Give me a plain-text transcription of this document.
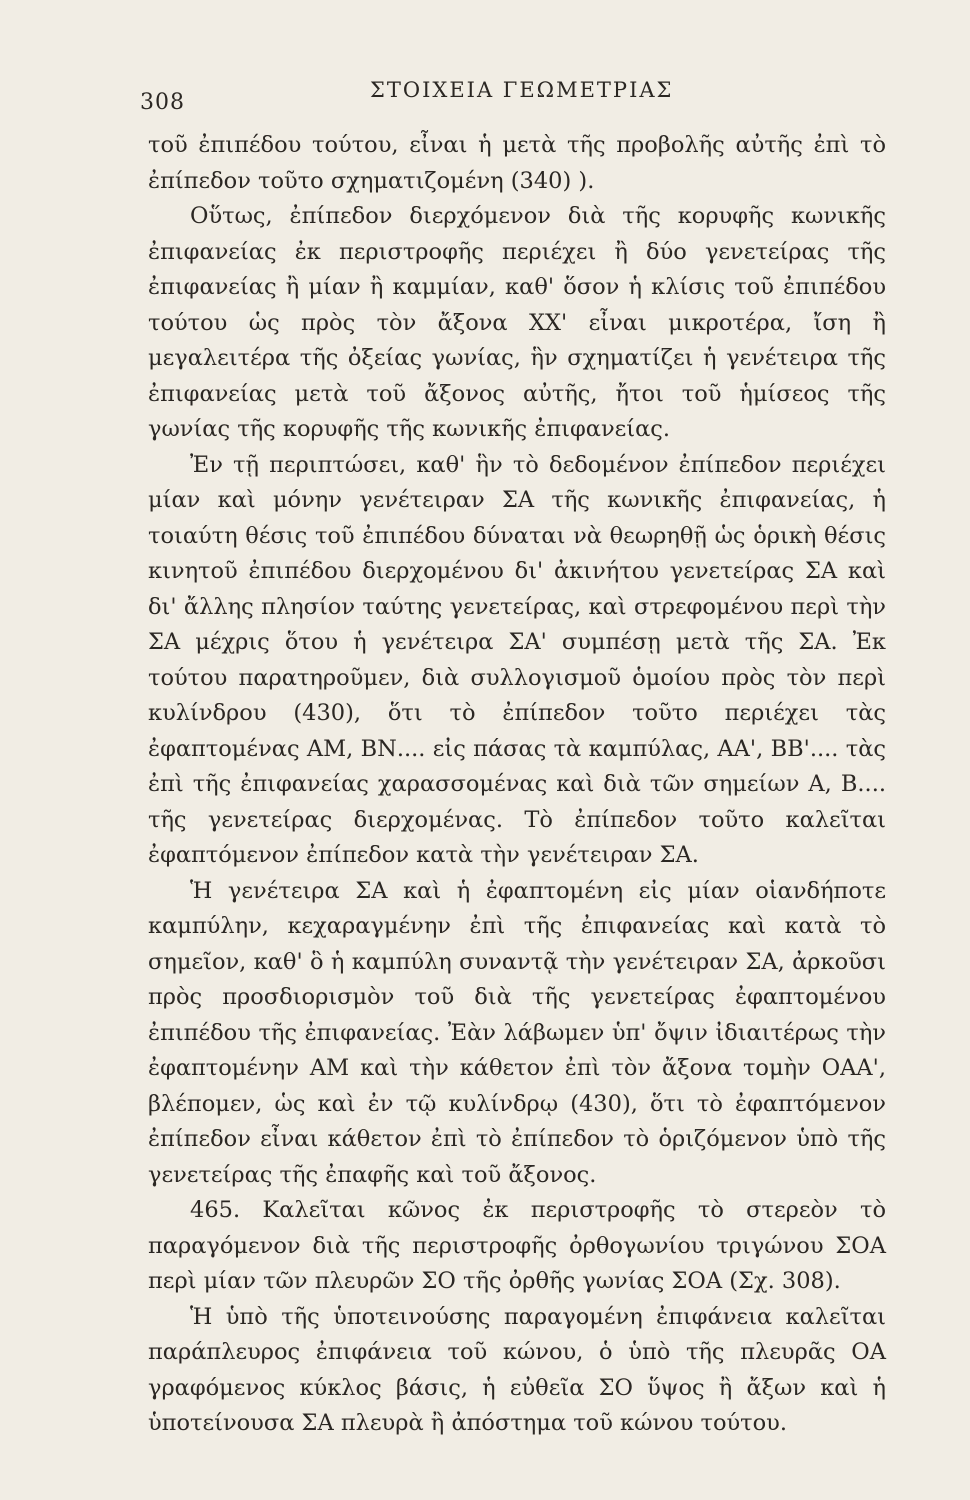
308	ΣΤΟΙΧΕΙΑ ΓΕΩΜΕΤΡΙΑΣ

τοῦ ἐπιπέδου τούτου, εἶναι ἡ μετὰ τῆς προβολῆς αὐτῆς ἐπὶ τὸ ἐπίπεδον τοῦτο σχηματιζομένη (340) ).

Οὕτως, ἐπίπεδον διερχόμενον διὰ τῆς κορυφῆς κωνικῆς ἐπιφανείας ἐκ περιστροφῆς περιέχει ἢ δύο γενετείρας τῆς ἐπιφανείας ἢ μίαν ἢ καμμίαν, καθ' ὅσον ἡ κλίσις τοῦ ἐπιπέδου τούτου ὡς πρὸς τὸν ἄξονα ΧΧ' εἶναι μικροτέρα, ἴση ἢ μεγαλειτέρα τῆς ὀξείας γωνίας, ἣν σχηματίζει ἡ γενέτειρα τῆς ἐπιφανείας μετὰ τοῦ ἄξονος αὐτῆς, ἤτοι τοῦ ἡμίσεος τῆς γωνίας τῆς κορυφῆς τῆς κωνικῆς ἐπιφανείας.

Ἐν τῇ περιπτώσει, καθ' ἣν τὸ δεδομένον ἐπίπεδον περιέχει μίαν καὶ μόνην γενέτειραν ΣΑ τῆς κωνικῆς ἐπιφανείας, ἡ τοιαύτη θέσις τοῦ ἐπιπέδου δύναται νὰ θεωρηθῇ ὡς ὁρικὴ θέσις κινητοῦ ἐπιπέδου διερχομένου δι' ἀκινήτου γενετείρας ΣΑ καὶ δι' ἄλλης πλησίον ταύτης γενετείρας, καὶ στρεφομένου περὶ τὴν ΣΑ μέχρις ὅτου ἡ γενέτειρα ΣΑ' συμπέσῃ μετὰ τῆς ΣΑ. Ἐκ τούτου παρατηροῦμεν, διὰ συλλογισμοῦ ὁμοίου πρὸς τὸν περὶ κυλίνδρου (430), ὅτι τὸ ἐπίπεδον τοῦτο περιέχει τὰς ἐφαπτομένας ΑΜ, ΒΝ.... εἰς πάσας τὰ καμπύλας, ΑΑ', ΒΒ'.... τὰς ἐπὶ τῆς ἐπιφανείας χαρασσομένας καὶ διὰ τῶν σημείων Α, Β.... τῆς γενετείρας διερχομένας. Τὸ ἐπίπεδον τοῦτο καλεῖται ἐφαπτόμενον ἐπίπεδον κατὰ τὴν γενέτειραν ΣΑ.

Ἡ γενέτειρα ΣΑ καὶ ἡ ἐφαπτομένη εἰς μίαν οἱανδήποτε καμπύλην, κεχαραγμένην ἐπὶ τῆς ἐπιφανείας καὶ κατὰ τὸ σημεῖον, καθ' ὃ ἡ καμπύλη συναντᾷ τὴν γενέτειραν ΣΑ, ἀρκοῦσι πρὸς προσδιορισμὸν τοῦ διὰ τῆς γενετείρας ἐφαπτομένου ἐπιπέδου τῆς ἐπιφανείας. Ἐὰν λάβωμεν ὑπ' ὄψιν ἰδιαιτέρως τὴν ἐφαπτομένην ΑΜ καὶ τὴν κάθετον ἐπὶ τὸν ἄξονα τομὴν ΟΑΑ', βλέπομεν, ὡς καὶ ἐν τῷ κυλίνδρῳ (430), ὅτι τὸ ἐφαπτόμενον ἐπίπεδον εἶναι κάθετον ἐπὶ τὸ ἐπίπεδον τὸ ὁριζόμενον ὑπὸ τῆς γενετείρας τῆς ἐπαφῆς καὶ τοῦ ἄξονος.

465. Καλεῖται κῶνος ἐκ περιστροφῆς τὸ στερεὸν τὸ παραγόμενον διὰ τῆς περιστροφῆς ὀρθογωνίου τριγώνου ΣΟΑ περὶ μίαν τῶν πλευρῶν ΣΟ τῆς ὀρθῆς γωνίας ΣΟΑ (Σχ. 308).

Ἡ ὑπὸ τῆς ὑποτεινούσης παραγομένη ἐπιφάνεια καλεῖται παράπλευρος ἐπιφάνεια τοῦ κώνου, ὁ ὑπὸ τῆς πλευρᾶς ΟΑ γραφόμενος κύκλος βάσις, ἡ εὐθεῖα ΣΟ ὕψος ἢ ἄξων καὶ ἡ ὑποτείνουσα ΣΑ πλευρὰ ἢ ἀπόστημα τοῦ κώνου τούτου.
